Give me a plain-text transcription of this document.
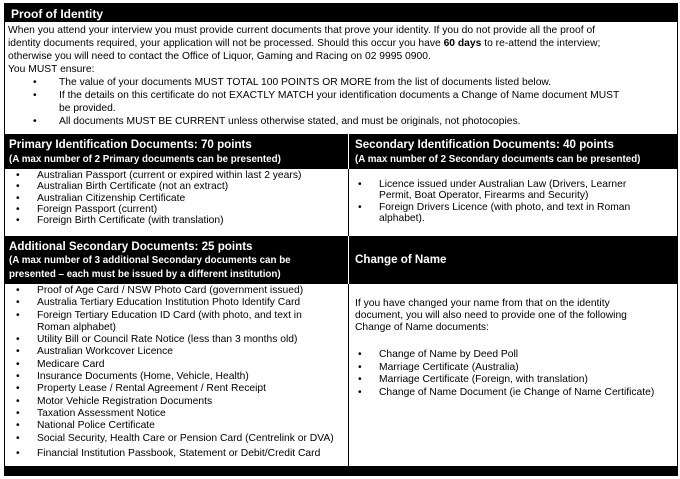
Proof of Identity
When you attend your interview you must provide current documents that prove your identity. If you do not provide all the proof of
identity documents required, your application will not be processed. Should this occur you have 60 days to re-attend the interview;
otherwise you will need to contact the Office of Liquor, Gaming and Racing on 02 9995 0900.
You MUST ensure:
• The value of your documents MUST TOTAL 100 POINTS OR MORE from the list of documents listed below.
• If the details on this certificate do not EXACTLY MATCH your identification documents a Change of Name document MUST
be provided.
• All documents MUST BE CURRENT unless otherwise stated, and must be originals, not photocopies.
Primary Identification Documents: 70 points
(A max number of 2 Primary documents can be presented)
Secondary Identification Documents: 40 points
(A max number of 2 Secondary documents can be presented)
• Australian Passport (current or expired within last 2 years)
• Australian Birth Certificate (not an extract)
• Australian Citizenship Certificate
• Foreign Passport (current)
• Foreign Birth Certificate (with translation)
• Licence issued under Australian Law (Drivers, Learner
Permit, Boat Operator, Firearms and Security)
• Foreign Drivers Licence (with photo, and text in Roman
alphabet).
Additional Secondary Documents: 25 points
(A max number of 3 additional Secondary documents can be
presented – each must be issued by a different institution)
Change of Name
• Proof of Age Card / NSW Photo Card (government issued)
• Australia Tertiary Education Institution Photo Identify Card
• Foreign Tertiary Education ID Card (with photo, and text in
Roman alphabet)
• Utility Bill or Council Rate Notice (less than 3 months old)
• Australian Workcover Licence
• Medicare Card
• Insurance Documents (Home, Vehicle, Health)
• Property Lease / Rental Agreement / Rent Receipt
• Motor Vehicle Registration Documents
• Taxation Assessment Notice
• National Police Certificate
• Social Security, Health Care or Pension Card (Centrelink or DVA)
• Financial Institution Passbook, Statement or Debit/Credit Card
If you have changed your name from that on the identity
document, you will also need to provide one of the following
Change of Name documents:
• Change of Name by Deed Poll
• Marriage Certificate (Australia)
• Marriage Certificate (Foreign, with translation)
• Change of Name Document (ie Change of Name Certificate)
